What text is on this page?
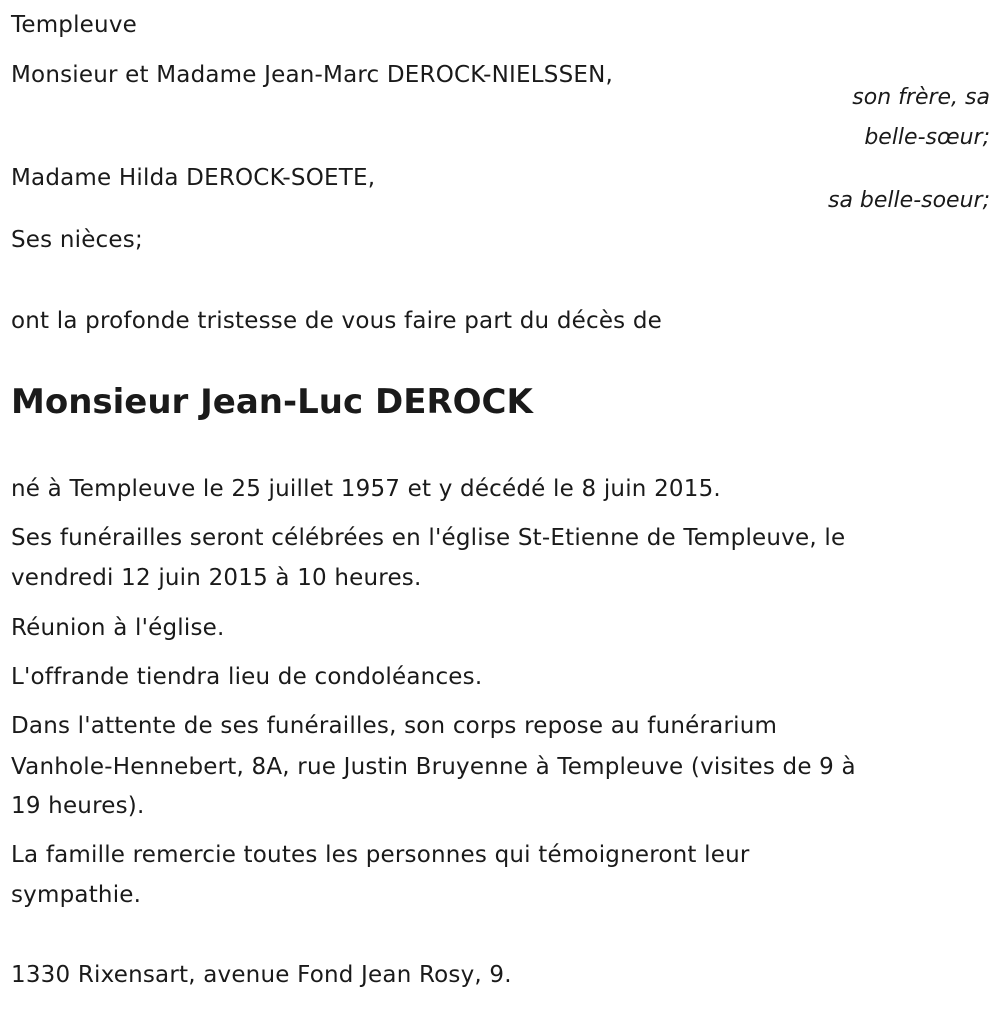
Templeuve
Monsieur et Madame Jean-Marc DEROCK-NIELSSEN,
son frère, sa
belle-sœur;
Madame Hilda DEROCK-SOETE,
sa belle-soeur;
Ses nièces;
ont la profonde tristesse de vous faire part du décès de
Monsieur Jean-Luc DEROCK
né à Templeuve le 25 juillet 1957 et y décédé le 8 juin 2015.
Ses funérailles seront célébrées en l'église St-Etienne de Templeuve, le
vendredi 12 juin 2015 à 10 heures.
Réunion à l'église.
L'offrande tiendra lieu de condoléances.
Dans l'attente de ses funérailles, son corps repose au funérarium
Vanhole-Hennebert, 8A, rue Justin Bruyenne à Templeuve (visites de 9 à
19 heures).
La famille remercie toutes les personnes qui témoigneront leur
sympathie.
1330 Rixensart, avenue Fond Jean Rosy, 9.
